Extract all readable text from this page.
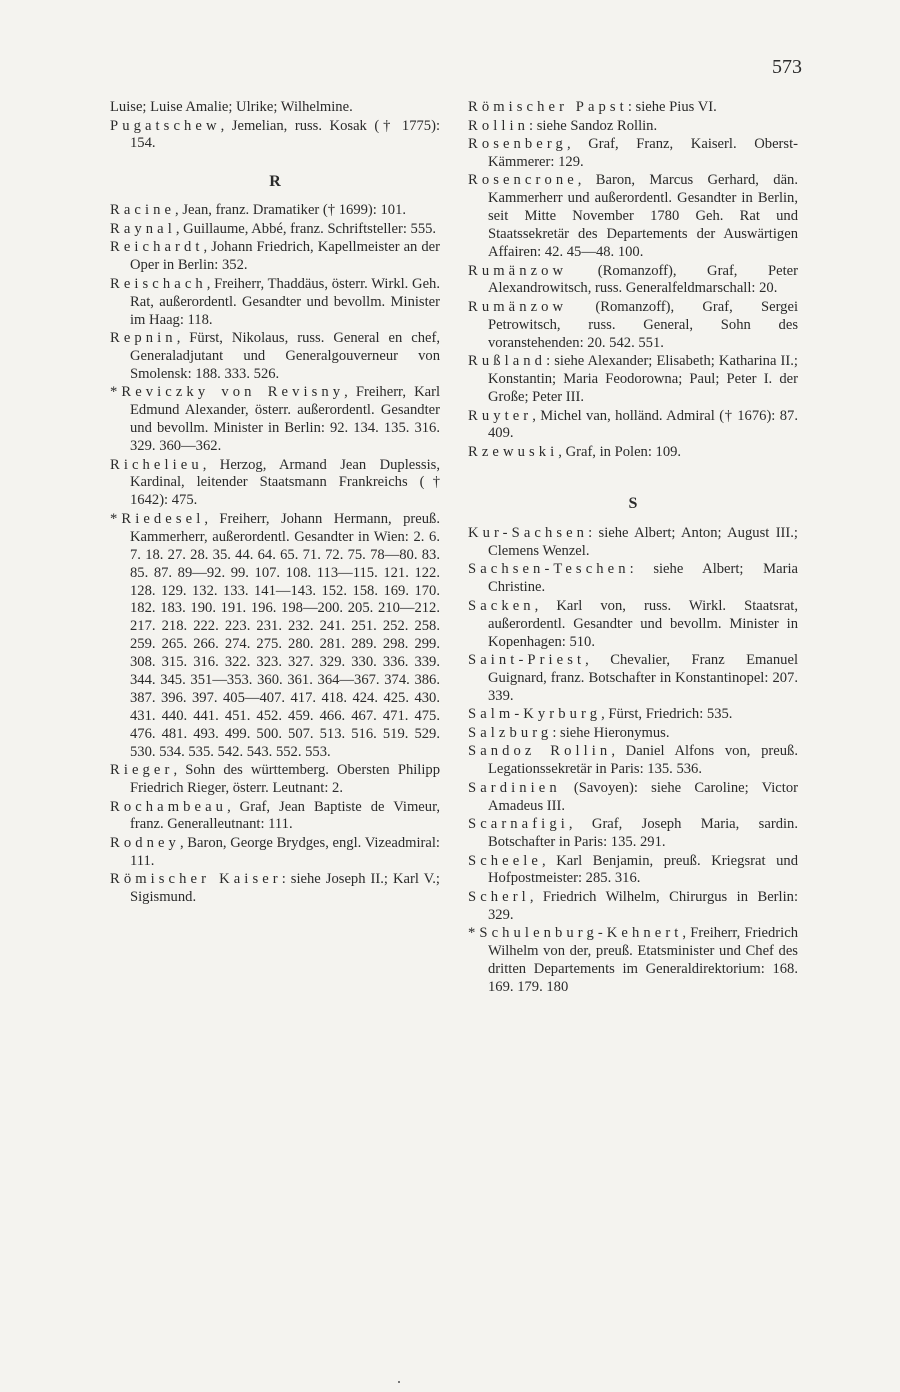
573

Luise; Luise Amalie; Ulrike; Wilhelmine.

Pugatschew, Jemelian, russ. Kosak († 1775): 154.

R

Racine, Jean, franz. Dramatiker († 1699): 101.

Raynal, Guillaume, Abbé, franz. Schriftsteller: 555.

Reichardt, Johann Friedrich, Kapellmeister an der Oper in Berlin: 352.

Reischach, Freiherr, Thaddäus, österr. Wirkl. Geh. Rat, außerordentl. Gesandter und bevollm. Minister im Haag: 118.

Repnin, Fürst, Nikolaus, russ. General en chef, Generaladjutant und Generalgouverneur von Smolensk: 188. 333. 526.

*Reviczky von Revisny, Freiherr, Karl Edmund Alexander, österr. außerordentl. Gesandter und bevollm. Minister in Berlin: 92. 134. 135. 316. 329. 360—362.

Richelieu, Herzog, Armand Jean Duplessis, Kardinal, leitender Staatsmann Frankreichs († 1642): 475.

*Riedesel, Freiherr, Johann Hermann, preuß. Kammerherr, außerordentl. Gesandter in Wien: 2. 6. 7. 18. 27. 28. 35. 44. 64. 65. 71. 72. 75. 78—80. 83. 85. 87. 89—92. 99. 107. 108. 113—115. 121. 122. 128. 129. 132. 133. 141—143. 152. 158. 169. 170. 182. 183. 190. 191. 196. 198—200. 205. 210—212. 217. 218. 222. 223. 231. 232. 241. 251. 252. 258. 259. 265. 266. 274. 275. 280. 281. 289. 298. 299. 308. 315. 316. 322. 323. 327. 329. 330. 336. 339. 344. 345. 351—353. 360. 361. 364—367. 374. 386. 387. 396. 397. 405—407. 417. 418. 424. 425. 430. 431. 440. 441. 451. 452. 459. 466. 467. 471. 475. 476. 481. 493. 499. 500. 507. 513. 516. 519. 529. 530. 534. 535. 542. 543. 552. 553.

Rieger, Sohn des württemberg. Obersten Philipp Friedrich Rieger, österr. Leutnant: 2.

Rochambeau, Graf, Jean Baptiste de Vimeur, franz. Generalleutnant: 111.

Rodney, Baron, George Brydges, engl. Vizeadmiral: 111.

Römischer Kaiser: siehe Joseph II.; Karl V.; Sigismund.

Römischer Papst: siehe Pius VI.

Rollin: siehe Sandoz Rollin.

Rosenberg, Graf, Franz, Kaiserl. Oberst-Kämmerer: 129.

Rosencrone, Baron, Marcus Gerhard, dän. Kammerherr und außerordentl. Gesandter in Berlin, seit Mitte November 1780 Geh. Rat und Staatssekretär des Departements der Auswärtigen Affairen: 42. 45—48. 100.

Rumänzow (Romanzoff), Graf, Peter Alexandrowitsch, russ. Generalfeldmarschall: 20.

Rumänzow (Romanzoff), Graf, Sergei Petrowitsch, russ. General, Sohn des voranstehenden: 20. 542. 551.

Rußland: siehe Alexander; Elisabeth; Katharina II.; Konstantin; Maria Feodorowna; Paul; Peter I. der Große; Peter III.

Ruyter, Michel van, holländ. Admiral († 1676): 87. 409.

Rzewuski, Graf, in Polen: 109.

S

Kur-Sachsen: siehe Albert; Anton; August III.; Clemens Wenzel.

Sachsen-Teschen: siehe Albert; Maria Christine.

Sacken, Karl von, russ. Wirkl. Staatsrat, außerordentl. Gesandter und bevollm. Minister in Kopenhagen: 510.

Saint-Priest, Chevalier, Franz Emanuel Guignard, franz. Botschafter in Konstantinopel: 207. 339.

Salm-Kyrburg, Fürst, Friedrich: 535.

Salzburg: siehe Hieronymus.

Sandoz Rollin, Daniel Alfons von, preuß. Legationssekretär in Paris: 135. 536.

Sardinien (Savoyen): siehe Caroline; Victor Amadeus III.

Scarnafigi, Graf, Joseph Maria, sardin. Botschafter in Paris: 135. 291.

Scheele, Karl Benjamin, preuß. Kriegsrat und Hofpostmeister: 285. 316.

Scherl, Friedrich Wilhelm, Chirurgus in Berlin: 329.

*Schulenburg-Kehnert, Freiherr, Friedrich Wilhelm von der, preuß. Etatsminister und Chef des dritten Departements im Generaldirektorium: 168. 169. 179. 180
